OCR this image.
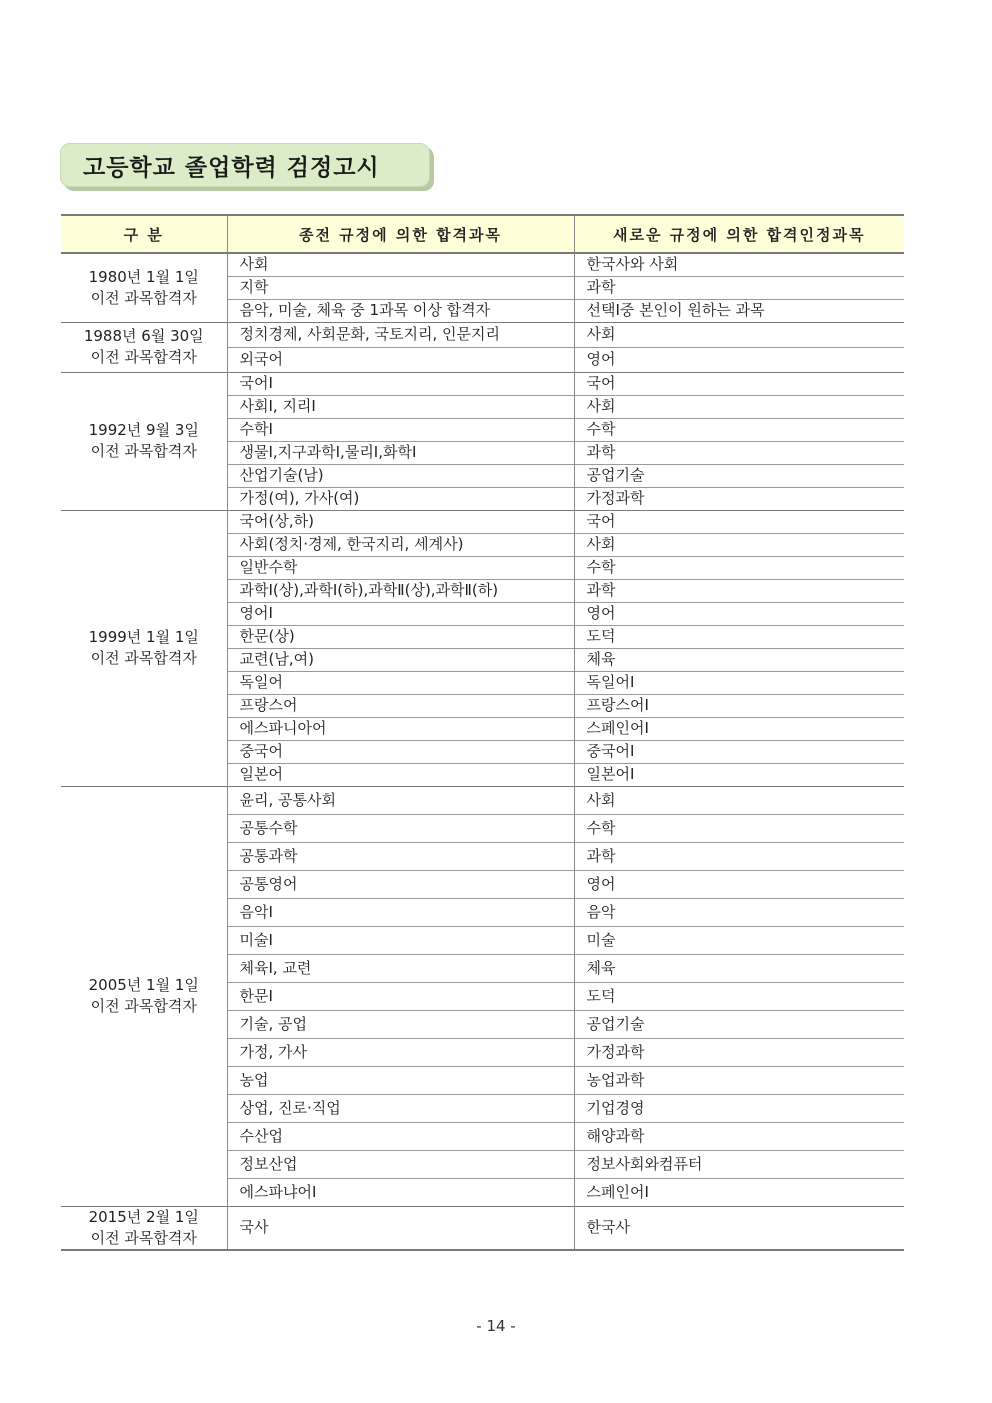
고등학교 졸업학력 검정고시
구 분	종전 규정에 의한 합격과목	새로운 규정에 의한 합격인정과목
1980년 1월 1일
이전 과목합격자	사회	한국사와 사회
	지학	과학
	음악, 미술, 체육 중 1과목 이상 합격자	선택Ⅰ중 본인이 원하는 과목
1988년 6월 30일
이전 과목합격자	정치경제, 사회문화, 국토지리, 인문지리	사회
	외국어	영어
1992년 9월 3일
이전 과목합격자	국어Ⅰ	국어
	사회Ⅰ, 지리Ⅰ	사회
	수학Ⅰ	수학
	생물Ⅰ,지구과학Ⅰ,물리Ⅰ,화학Ⅰ	과학
	산업기술(남)	공업기술
	가정(여), 가사(여)	가정과학
1999년 1월 1일
이전 과목합격자	국어(상,하)	국어
	사회(정치·경제, 한국지리, 세계사)	사회
	일반수학	수학
	과학Ⅰ(상),과학Ⅰ(하),과학Ⅱ(상),과학Ⅱ(하)	과학
	영어Ⅰ	영어
	한문(상)	도덕
	교련(남,여)	체육
	독일어	독일어Ⅰ
	프랑스어	프랑스어Ⅰ
	에스파니아어	스페인어Ⅰ
	중국어	중국어Ⅰ
	일본어	일본어Ⅰ
2005년 1월 1일
이전 과목합격자	윤리, 공통사회	사회
	공통수학	수학
	공통과학	과학
	공통영어	영어
	음악Ⅰ	음악
	미술Ⅰ	미술
	체육Ⅰ, 교련	체육
	한문Ⅰ	도덕
	기술, 공업	공업기술
	가정, 가사	가정과학
	농업	농업과학
	상업, 진로·직업	기업경영
	수산업	해양과학
	정보산업	정보사회와컴퓨터
	에스파냐어Ⅰ	스페인어Ⅰ
2015년 2월 1일
이전 과목합격자	국사	한국사
- 14 -
